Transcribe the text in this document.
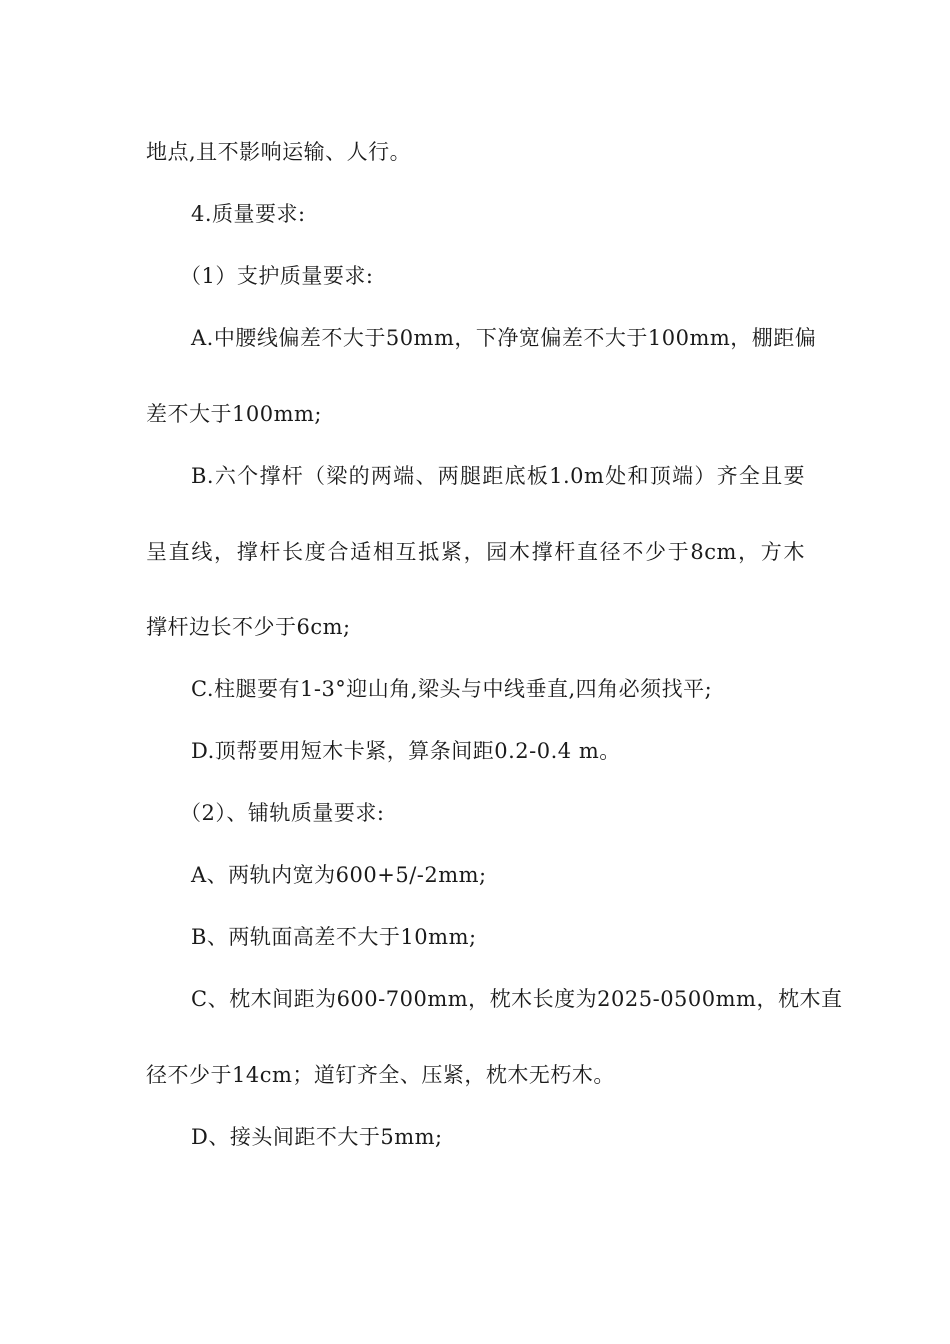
地点,且不影响运输、人行。
4.质量要求:
（1）支护质量要求:
A.中腰线偏差不大于50mm，下净宽偏差不大于100mm，棚距偏
差不大于100mm;
B.六个撑杆（梁的两端、两腿距底板1.0m处和顶端）齐全且要
呈直线，撑杆长度合适相互抵紧，园木撑杆直径不少于8cm，方木
撑杆边长不少于6cm;
C.柱腿要有1-3°迎山角,梁头与中线垂直,四角必须找平;
D.顶帮要用短木卡紧，算条间距0.2-0.4 m。
（2）、铺轨质量要求:
A、两轨内宽为600+5/-2mm;
B、两轨面高差不大于10mm;
C、枕木间距为600-700mm，枕木长度为2025-0500mm，枕木直
径不少于14cm；道钉齐全、压紧，枕木无朽木。
D、接头间距不大于5mm;
